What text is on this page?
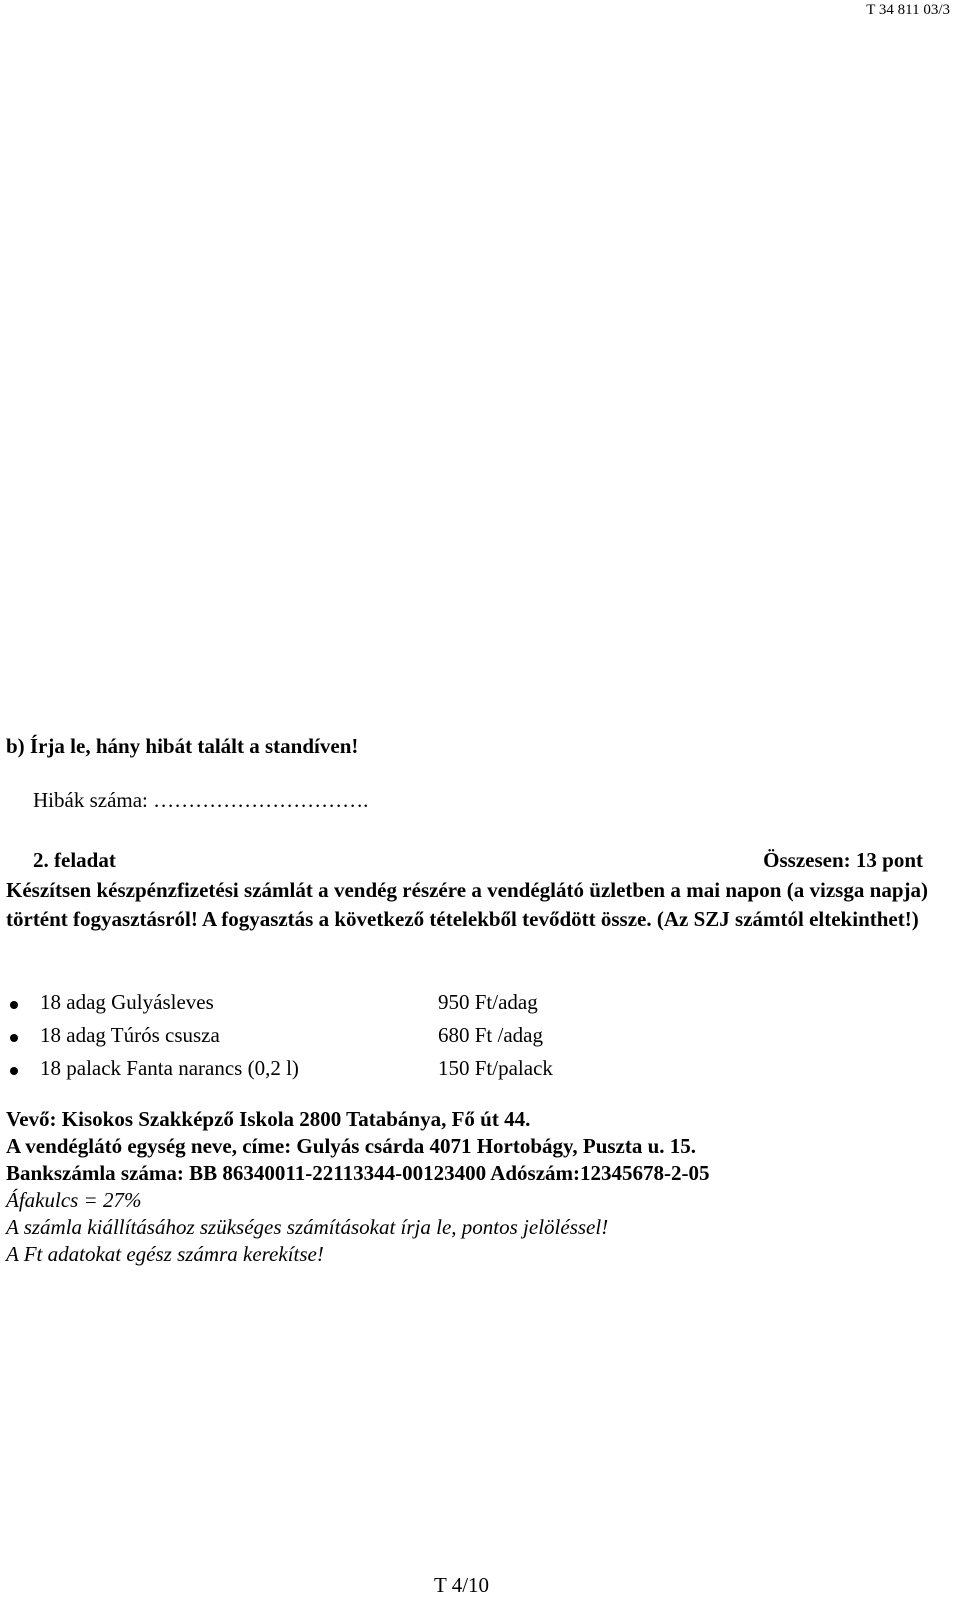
T 34 811 03/3
b) Írja le, hány hibát talált a standíven!
Hibák száma: ………………………….
2. feladat	Összesen: 13 pont
Készítsen készpénzfizetési számlát a vendég részére a vendéglátó üzletben a mai napon (a vizsga napja) történt fogyasztásról! A fogyasztás a következő tételekből tevődött össze. (Az SZJ számtól eltekinthet!)
18 adag Gulyásleves	950 Ft/adag
18 adag Túrós csusza	680 Ft /adag
18 palack Fanta narancs (0,2 l)	150 Ft/palack
Vevő: Kisokos Szakképző Iskola 2800 Tatabánya, Fő út 44.
A vendéglátó egység neve, címe: Gulyás csárda 4071 Hortobágy, Puszta u. 15.
Bankszámla száma: BB 86340011-22113344-00123400 Adószám:12345678-2-05
Áfakulcs = 27%
A számla kiállításához szükséges számításokat írja le, pontos jelöléssel!
A Ft adatokat egész számra kerekítse!
T 4/10
